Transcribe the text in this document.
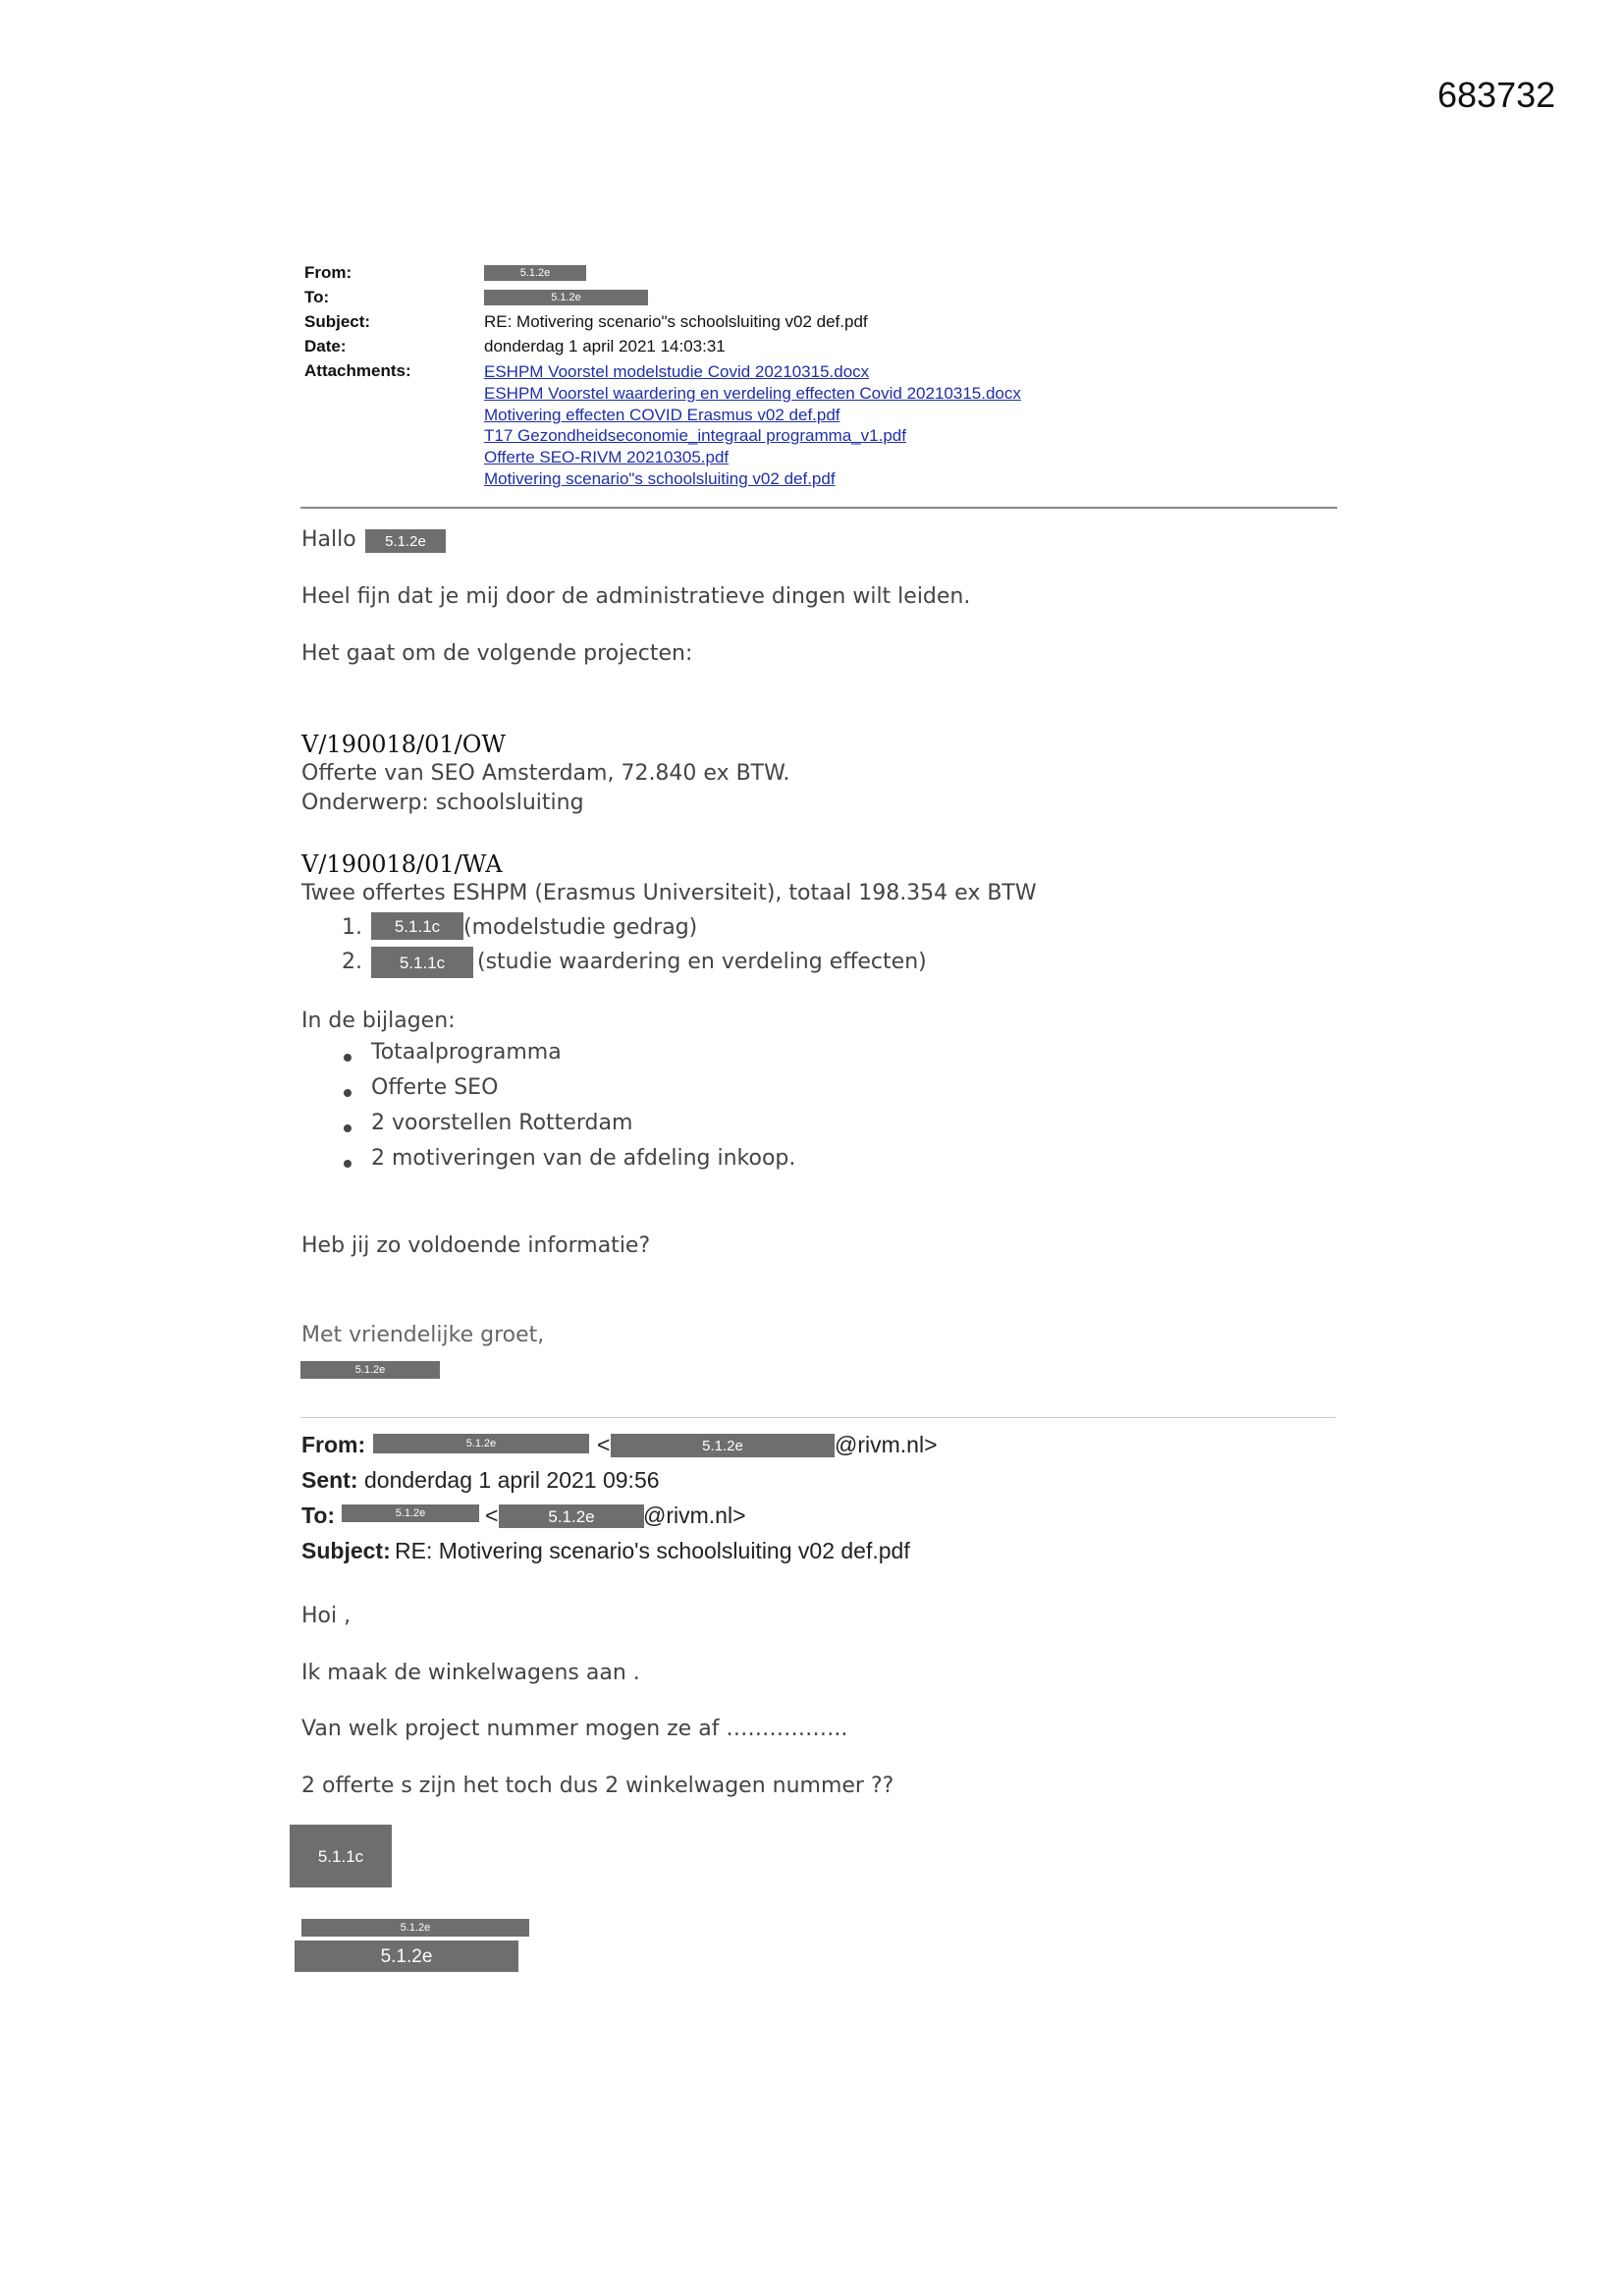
683732
From:	5.1.2e
To:	5.1.2e
Subject:	RE: Motivering scenario"s schoolsluiting v02 def.pdf
Date:	donderdag 1 april 2021 14:03:31
Attachments:	ESHPM Voorstel modelstudie Covid 20210315.docx
ESHPM Voorstel waardering en verdeling effecten Covid 20210315.docx
Motivering effecten COVID Erasmus v02 def.pdf
T17 Gezondheidseconomie_integraal programma_v1.pdf
Offerte SEO-RIVM 20210305.pdf
Motivering scenario"s schoolsluiting v02 def.pdf
Hallo	5.1.2e
Heel fijn dat je mij door de administratieve dingen wilt leiden.
Het gaat om de volgende projecten:
V/190018/01/OW
Offerte van SEO Amsterdam, 72.840 ex BTW.
Onderwerp: schoolsluiting
V/190018/01/WA
Twee offertes ESHPM (Erasmus Universiteit), totaal 198.354 ex BTW
1.	5.1.1c	(modelstudie gedrag)
2.	5.1.1c	(studie waardering en verdeling effecten)
In de bijlagen:
Totaalprogramma
Offerte SEO
2 voorstellen Rotterdam
2 motiveringen van de afdeling inkoop.
Heb jij zo voldoende informatie?
Met vriendelijke groet,
5.1.2e
From:	5.1.2e	<	5.1.2e	@rivm.nl>
Sent: donderdag 1 april 2021 09:56
To:	5.1.2e	<	5.1.2e	@rivm.nl>
Subject: RE: Motivering scenario's schoolsluiting v02 def.pdf
Hoi ,
Ik maak de winkelwagens aan .
Van welk project nummer mogen ze af ……………..
2 offerte s zijn het toch dus 2 winkelwagen nummer ??
5.1.1c
5.1.2e
5.1.2e
